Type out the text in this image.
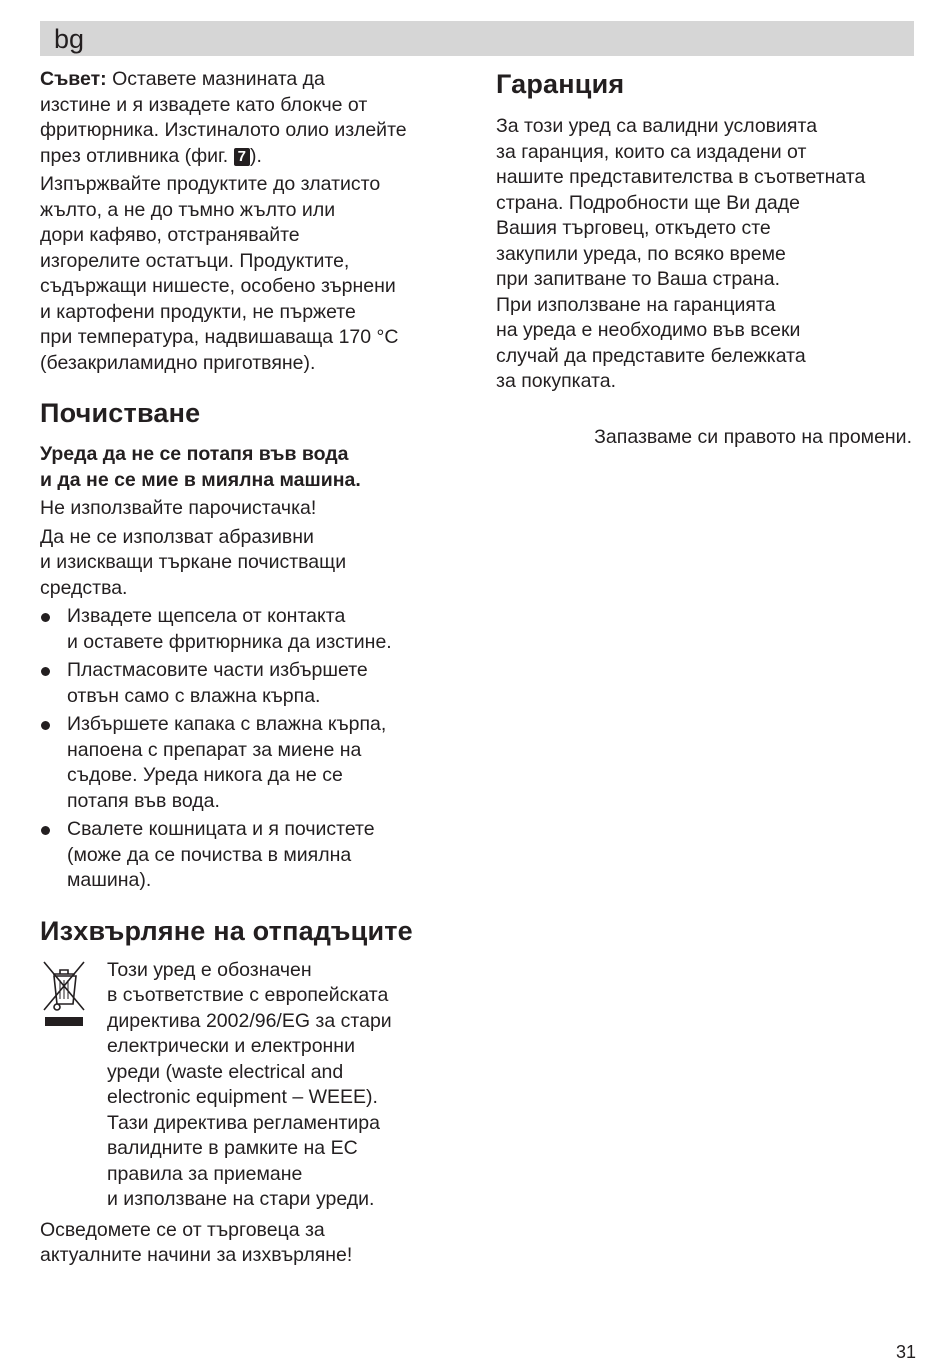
bg

Съвет: Оставете мазнината да
изстине и я извадете като блокче от
фритюрника. Изстиналото олио излейте
през отливника (фиг. 7 ).

Изпържвайте продуктите до златисто
жълто, а не до тъмно жълто или
дори кафяво, отстранявайте
изгорелите остатъци. Продуктите,
съдържащи нишесте, особено зърнени
и картофени продукти, не пържете
при температура, надвишаваща 170 °C
(безакриламидно приготвяне).

Почистване

Уреда да не се потапя във вода
и да не се мие в миялна машина.

Не използвайте парочистачка!

Да не се използват абразивни
и изискващи търкане почистващи
средства.

Извадете щепсела от контакта
и оставете фритюрника да изстине.
Пластмасовите части избършете
отвън само с влажна кърпа.
Избършете капака с влажна кърпа,
напоена с препарат за миене на
съдове. Уреда никога да не се
потапя във вода.
Свалете кошницата и я почистете
(може да се почиства в миялна
машина).
Изхвърляне на отпадъците

Този уред е обозначен
в съответствие с европейската
директива 2002/96/EG за стари
електрически и електронни
уреди (waste electrical and
electronic equipment – WEEE).
Тази директива регламентира
валидните в рамките на ЕС
правила за приемане
и използване на стари уреди.

Осведомете се от търговеца за
актуалните начини за изхвърляне!

Гаранция

За този уред са валидни условията
за гаранция, които са издадени от
нашите представителства в съответната
страна. Подробности ще Ви даде
Вашия търговец, откъдето сте
закупили уреда, по всяко време
при запитване то Ваша страна.
При използване на гаранцията
на уреда е необходимо във всеки
случай да представите бележката
за покупката.

Запазваме си правото на промени.

31
